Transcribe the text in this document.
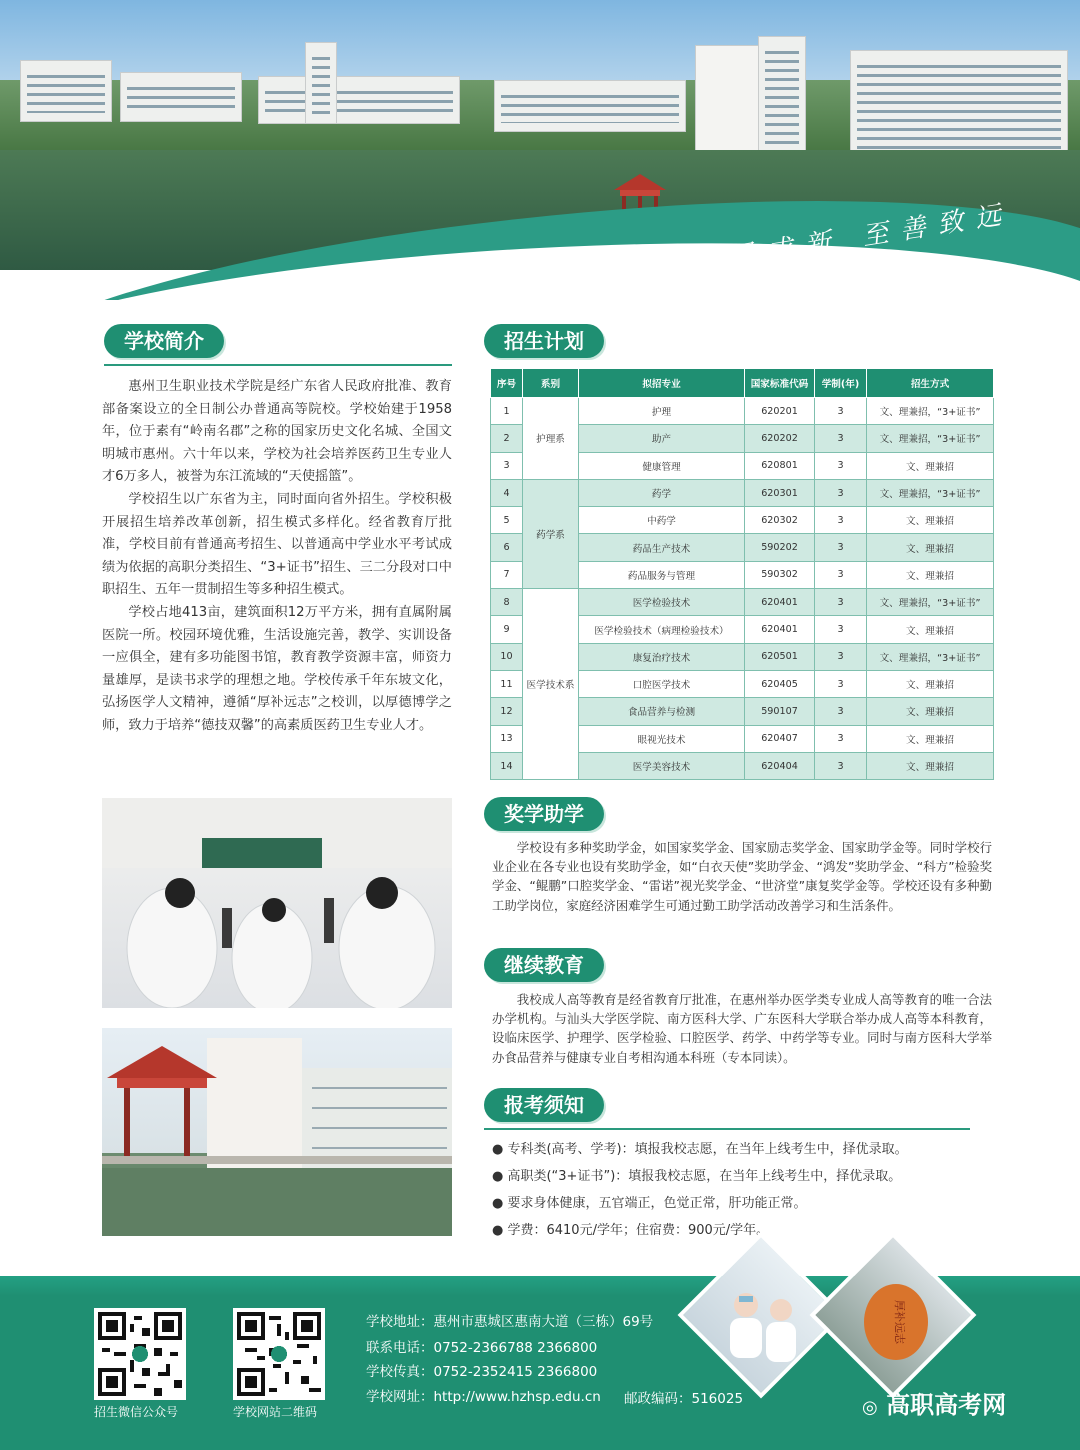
求是求新 至善致远
学校简介

惠州卫生职业技术学院是经广东省人民政府批准、教育部备案设立的全日制公办普通高等院校。学校始建于1958年，位于素有“岭南名郡”之称的国家历史文化名城、全国文明城市惠州。六十年以来，学校为社会培养医药卫生专业人才6万多人，被誉为东江流域的“天使摇篮”。

学校招生以广东省为主，同时面向省外招生。学校积极开展招生培养改革创新，招生模式多样化。经省教育厅批准，学校目前有普通高考招生、以普通高中学业水平考试成绩为依据的高职分类招生、“3+证书”招生、三二分段对口中职招生、五年一贯制招生等多种招生模式。

学校占地413亩，建筑面积12万平方米，拥有直属附属医院一所。校园环境优雅，生活设施完善，教学、实训设备一应俱全，建有多功能图书馆，教育教学资源丰富，师资力量雄厚，是读书求学的理想之地。学校传承千年东坡文化，弘扬医学人文精神，遵循“厚补远志”之校训，以厚德博学之师，致力于培养“德技双馨”的高素质医药卫生专业人才。

招生计划
序号	系别	拟招专业	国家标准代码	学制(年)	招生方式
1	护理系	护理	620201	3	文、理兼招，“3+证书”
2		助产	620202	3	文、理兼招，“3+证书”
3		健康管理	620801	3	文、理兼招
4	药学系	药学	620301	3	文、理兼招，“3+证书”
5		中药学	620302	3	文、理兼招
6		药品生产技术	590202	3	文、理兼招
7		药品服务与管理	590302	3	文、理兼招
8	医学技术系	医学检验技术	620401	3	文、理兼招，“3+证书”
9		医学检验技术（病理检验技术）	620401	3	文、理兼招
10		康复治疗技术	620501	3	文、理兼招，“3+证书”
11		口腔医学技术	620405	3	文、理兼招
12		食品营养与检测	590107	3	文、理兼招
13		眼视光技术	620407	3	文、理兼招
14		医学美容技术	620404	3	文、理兼招
奖学助学

学校设有多种奖助学金，如国家奖学金、国家励志奖学金、国家助学金等。同时学校行业企业在各专业也设有奖助学金，如“白衣天使”奖助学金、“鸿发”奖助学金、“科方”检验奖学金、“鲲鹏”口腔奖学金、“雷诺”视光奖学金、“世济堂”康复奖学金等。学校还设有多种勤工助学岗位，家庭经济困难学生可通过勤工助学活动改善学习和生活条件。

继续教育

我校成人高等教育是经省教育厅批准，在惠州举办医学类专业成人高等教育的唯一合法办学机构。与汕头大学医学院、南方医科大学、广东医科大学联合举办成人高等本科教育，设临床医学、护理学、医学检验、口腔医学、药学、中药学等专业。同时与南方医科大学举办食品营养与健康专业自考相沟通本科班（专本同读）。

报考须知
● 专科类(高考、学考)：填报我校志愿，在当年上线考生中，择优录取。
● 高职类(“3+证书”)：填报我校志愿，在当年上线考生中，择优录取。
● 要求身体健康，五官端正，色觉正常，肝功能正常。
● 学费：6410元/学年；住宿费：900元/学年。
招生微信公众号	学校网站二维码
学校地址：惠州市惠城区惠南大道（三栋）69号
联系电话：0752-2366788 2366800
学校传真：0752-2352415 2366800
学校网址：http://www.hzhsp.edu.cn 邮政编码：516025
厚补远志
◎ 高职高考网
